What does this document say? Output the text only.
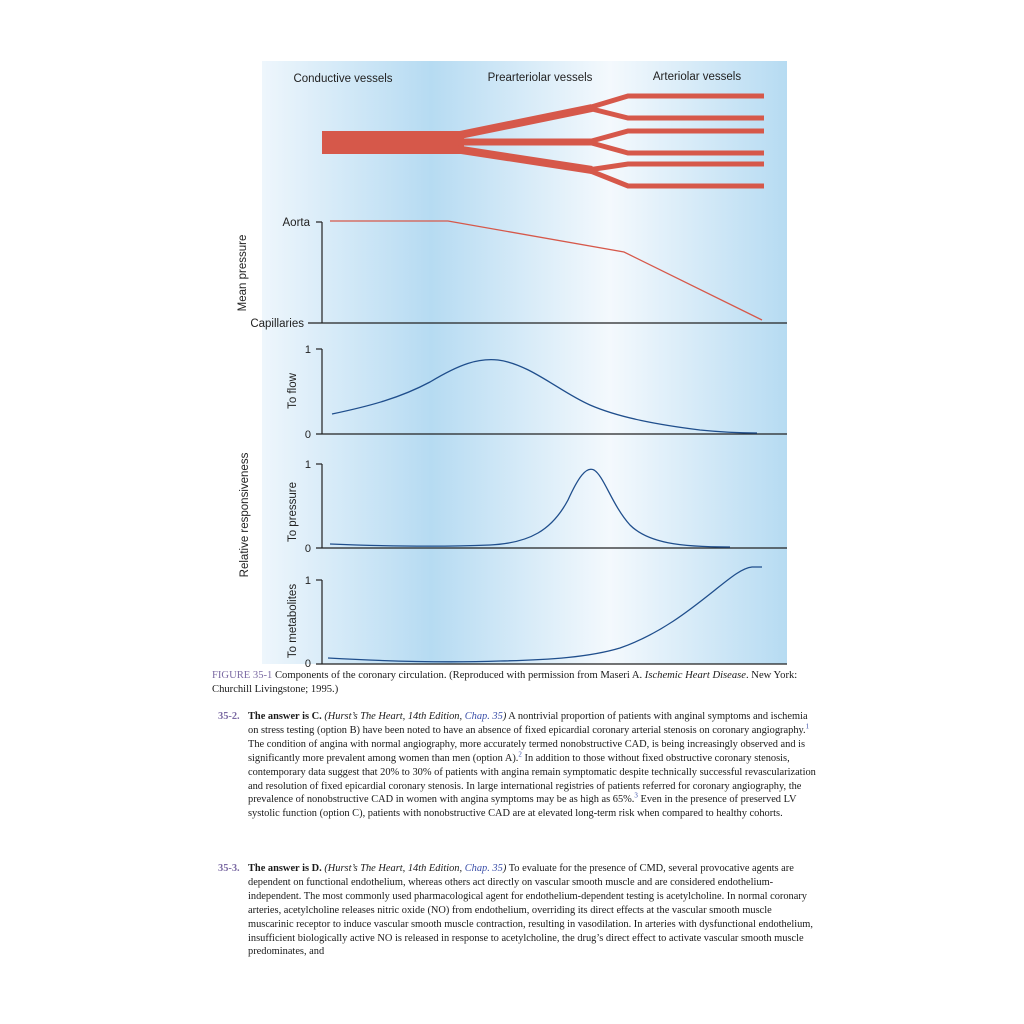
Conductive vessels	Prearteriolar vessels	Arteriolar vessels
Aorta
Capillaries
Mean pressure
1
0
To flow
1
0
To pressure
1
0
To metabolites
Relative responsiveness
FIGURE 35-1 Components of the coronary circulation. (Reproduced with permission from Maseri A. Ischemic Heart Disease. New York: Churchill Livingstone; 1995.)
35-2. The answer is C. (Hurst’s The Heart, 14th Edition, Chap. 35) A nontrivial proportion of patients with anginal symptoms and ischemia on stress testing (option B) have been noted to have an absence of fixed epicardial coronary arterial stenosis on coronary angiography.$^1$ The condition of angina with normal angiography, more accurately termed nonobstructive CAD, is being increasingly observed and is significantly more prevalent among women than men (option A).$^2$ In addition to those without fixed obstructive coronary stenosis, contemporary data suggest that 20% to 30% of patients with angina remain symptomatic despite technically successful revascularization and resolution of fixed epicardial coronary stenosis. In large international registries of patients referred for coronary angiography, the prevalence of nonobstructive CAD in women with angina symptoms may be as high as 65%.$^3$ Even in the presence of preserved LV systolic function (option C), patients with nonobstructive CAD are at elevated long-term risk when compared to healthy cohorts.
35-3. The answer is D. (Hurst’s The Heart, 14th Edition, Chap. 35) To evaluate for the presence of CMD, several provocative agents are dependent on functional endothelium, whereas others act directly on vascular smooth muscle and are considered endothelium-independent. The most commonly used pharmacological agent for endothelium-dependent testing is acetylcholine. In normal coronary arteries, acetylcholine releases nitric oxide (NO) from endothelium, overriding its direct effects at the vascular smooth muscle muscarinic receptor to induce vascular smooth muscle contraction, resulting in vasodilation. In arteries with dysfunctional endothelium, insufficient biologically active NO is released in response to acetylcholine, the drug’s direct effect to activate vascular smooth muscle predominates, and
